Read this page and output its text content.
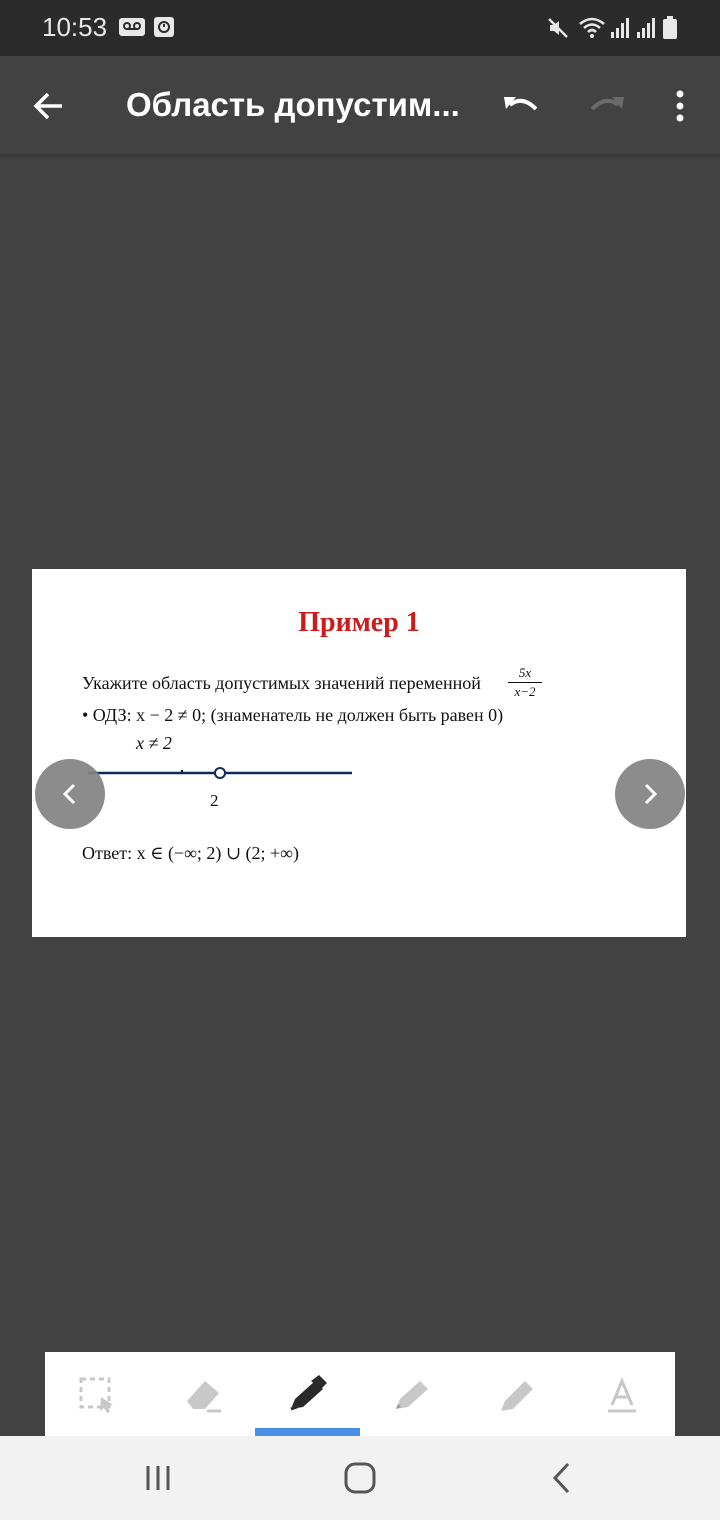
10:53
Область допустим...
Пример 1
Укажите область допустимых значений переменной $\frac{5x}{x-2}$
• ОДЗ: x − 2 ≠ 0; (знаменатель не должен быть равен 0)
x ≠ 2
2
Ответ: x ∈ (−∞; 2) ∪ (2; +∞)
